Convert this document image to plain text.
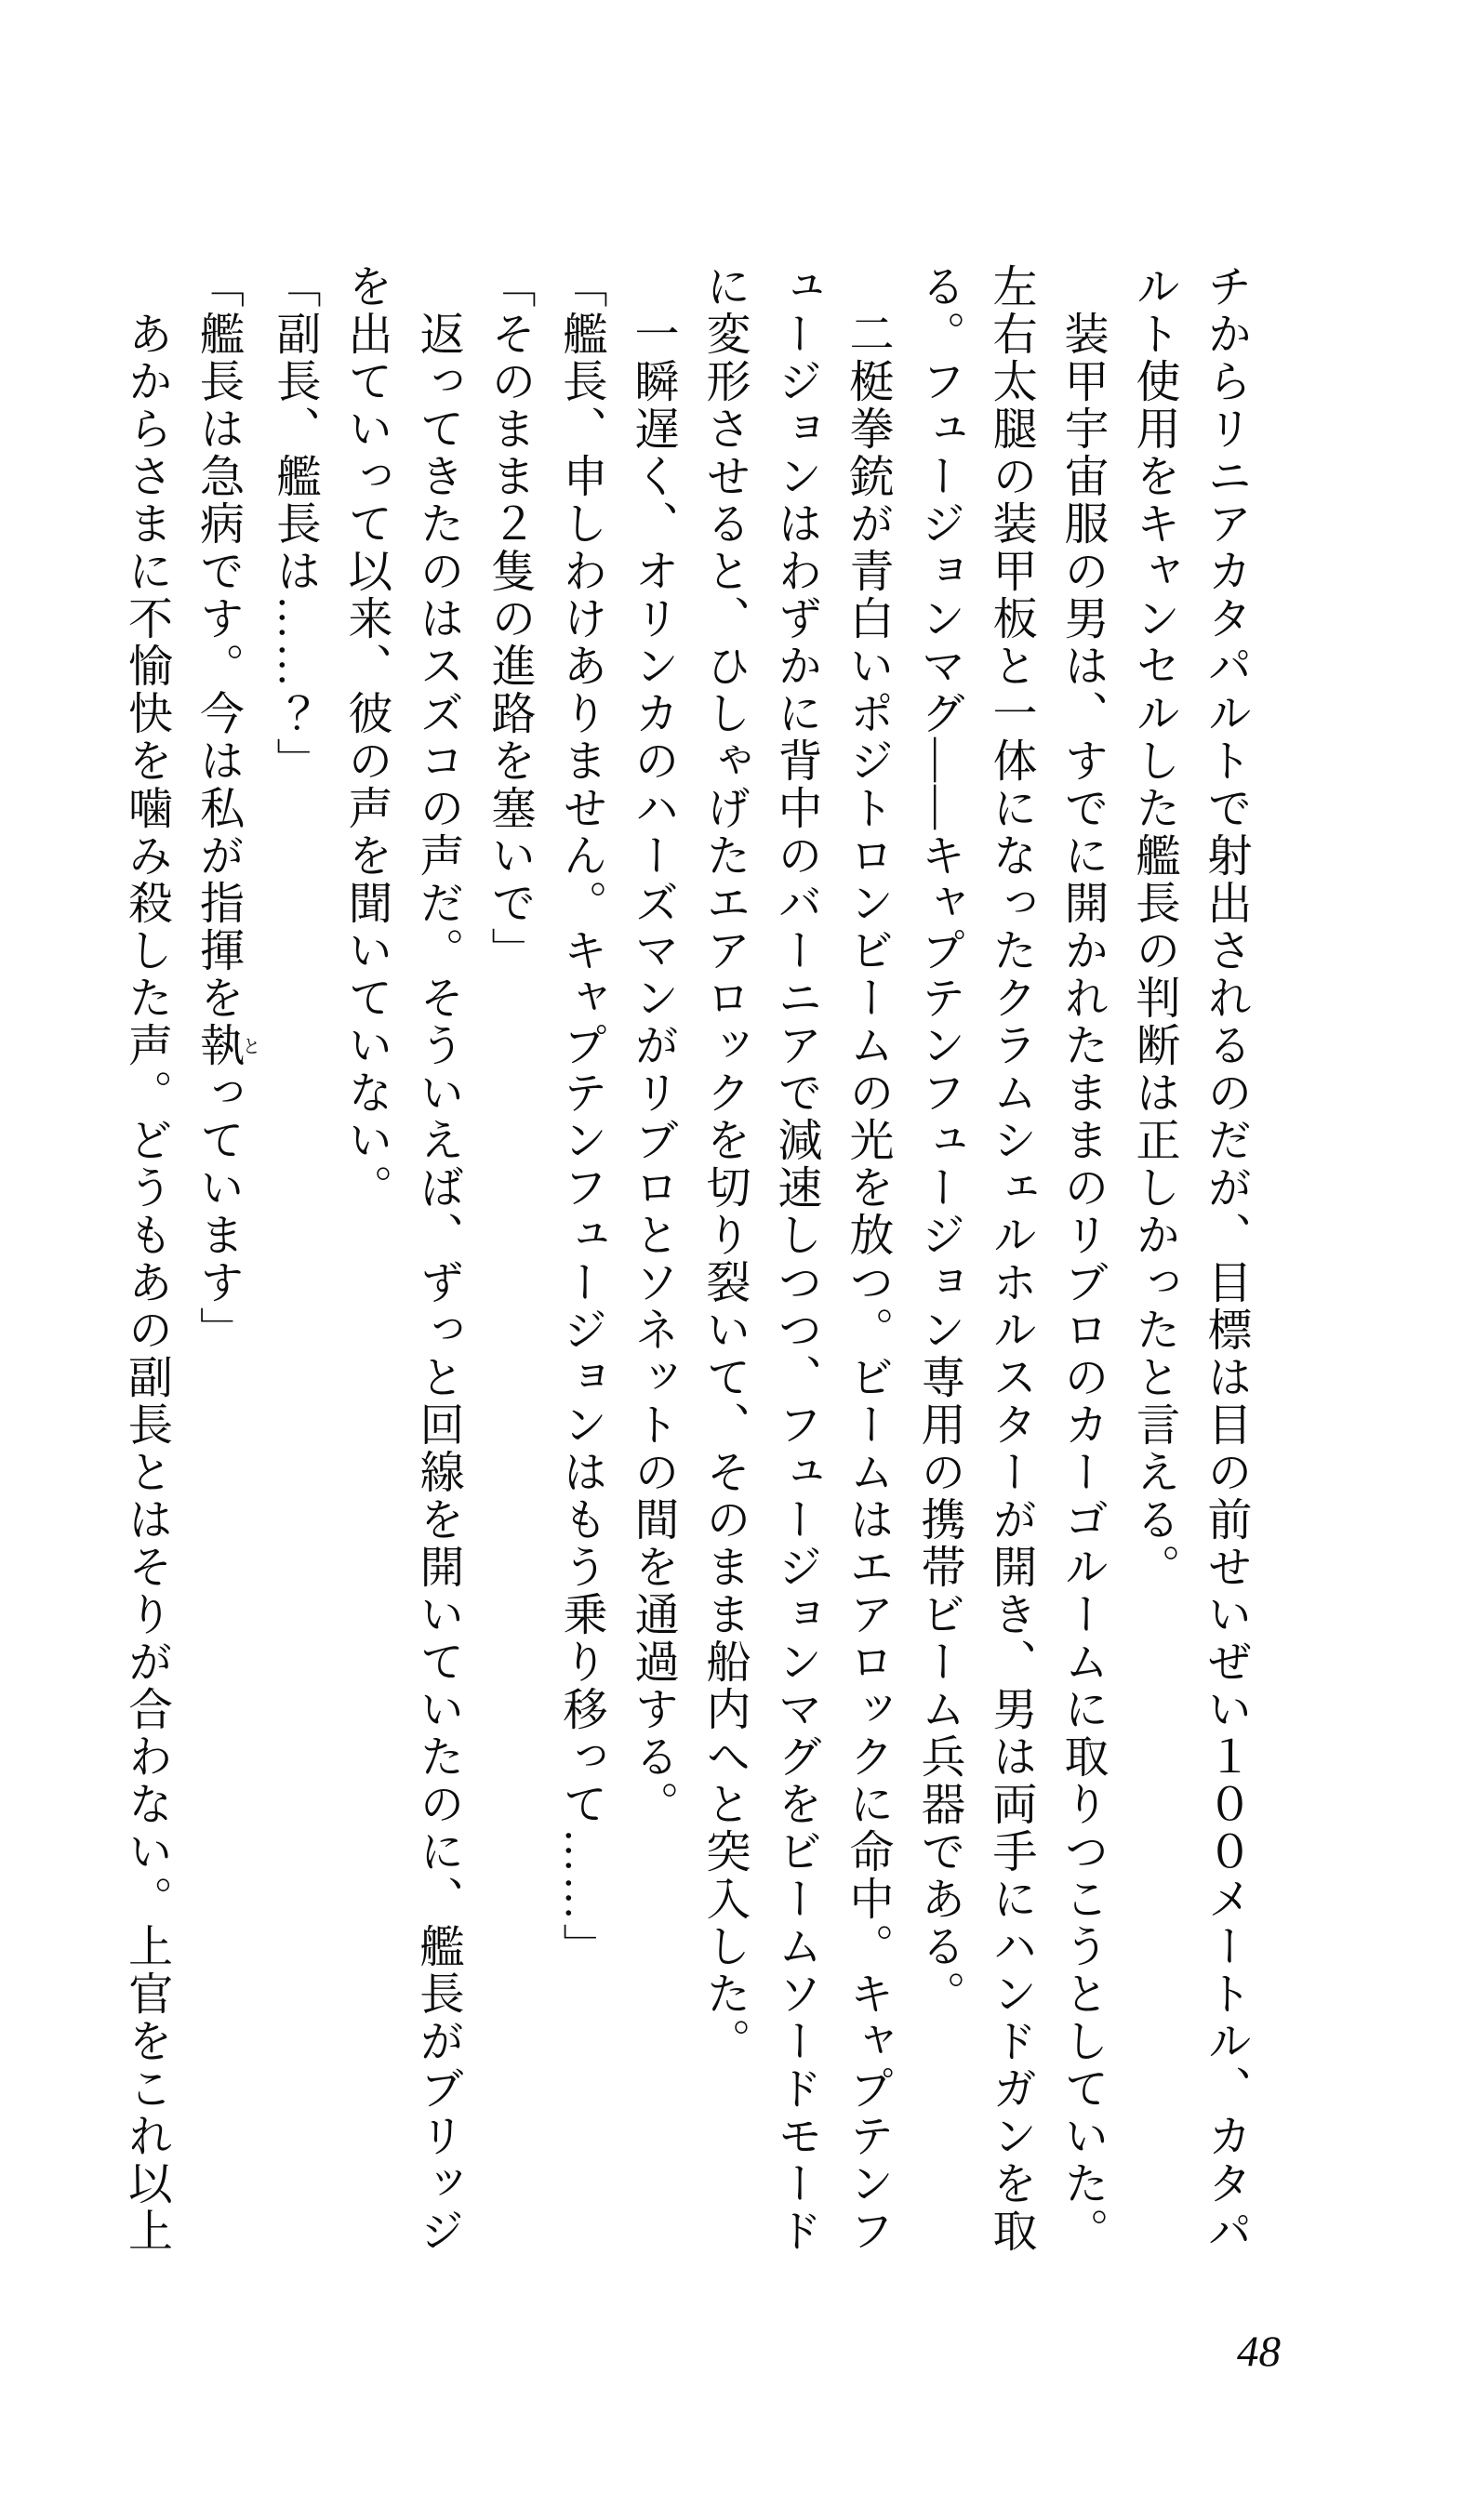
チからリニアカタパルトで射出されるのだが、目標は目の前せいぜい１００メートル、カタパ
ルト使用をキャンセルした艦長の判断は正しかったと言える。
　装甲宇宙服の男は、すでに開かれたままのリブロのカーゴルームに取りつこうとしていた。
左右太腿の装甲板と一体になったクラムシェルホルスターが開き、男は両手にハンドガンを取
る。フュージョンマグ――キャプテンフュージョン専用の携帯ビーム兵器である。
　二梃拳銃が青白いポジトロンビームの光を放つ。ビームはエアロックに命中。キャプテンフ
ュージョンはわずかに背中のバーニアで減速しつつ、フュージョンマグをビームソードモード
に変形させると、ひしゃげたエアロックを切り裂いて、そのまま船内へと突入した。
　一瞬遅く、オリンカのハーズマンがリブロとソネットの間を通過する。
「艦長、申しわけありません。キャプテンフュージョンはもう乗り移って……」
「そのまま２隻の進路を塞いで」
　返ってきたのはスズコの声だ。そういえば、ずっと回線を開いていたのに、艦長がブリッジ
を出ていって以来、彼の声を聞いていない。
「副長、艦長は……？」
「艦長は急病です。今は私が指揮を執とっています」
　あからさまに不愉快を噛み殺した声。どうもあの副長とはそりが合わない。上官をこれ以上
48
